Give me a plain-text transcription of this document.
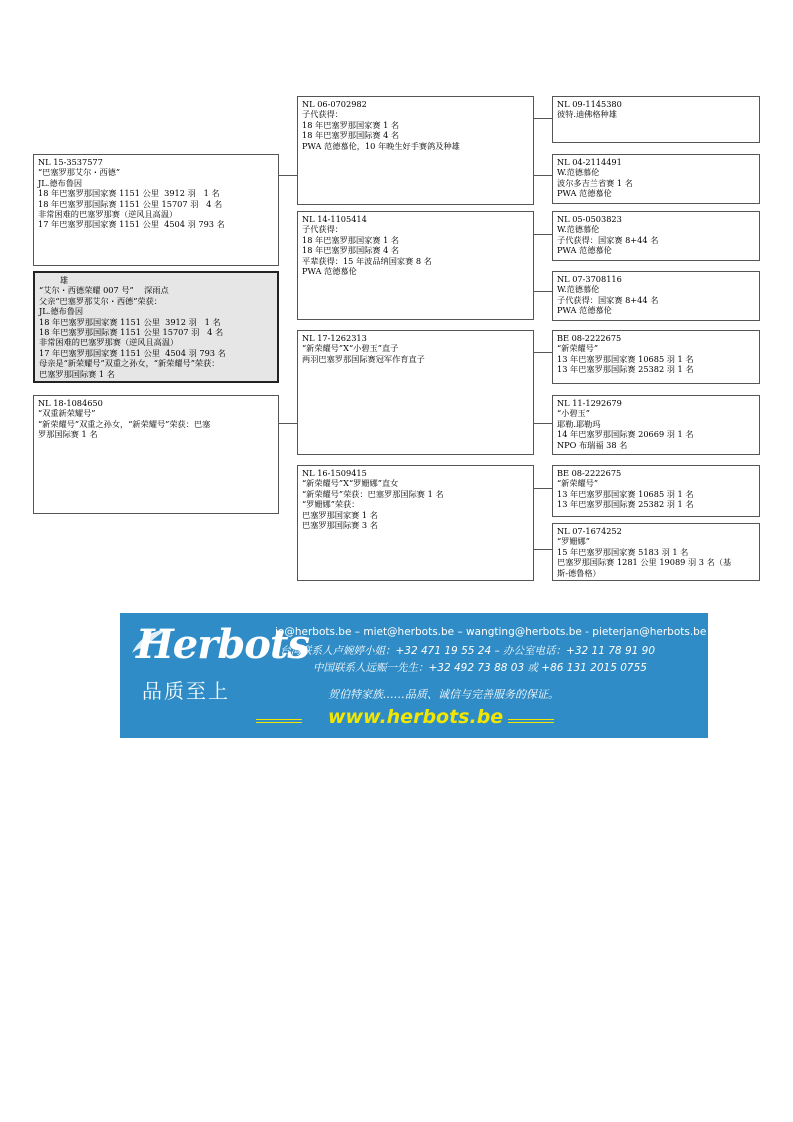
雄
“艾尔・西德荣耀 007 号”    深雨点
父亲“巴塞罗那艾尔・西德”荣获：
JL.德布鲁因
18 年巴塞罗那国家赛 1151 公里  3912 羽   1 名
18 年巴塞罗那国际赛 1151 公里 15707 羽   4 名
非常困难的巴塞罗那赛（逆风且高温）
17 年巴塞罗那国家赛 1151 公里  4504 羽 793 名
母亲是“新荣耀号”双重之孙女，“新荣耀号”荣获：
巴塞罗那国际赛 1 名
NL 15-3537577
“巴塞罗那艾尔・西德”
JL.德布鲁因
18 年巴塞罗那国家赛 1151 公里  3912 羽   1 名
18 年巴塞罗那国际赛 1151 公里 15707 羽   4 名
非常困难的巴塞罗那赛（逆风且高温）
17 年巴塞罗那国家赛 1151 公里  4504 羽 793 名
NL 18-1084650
“双重新荣耀号”
“新荣耀号”双重之孙女，“新荣耀号”荣获：巴塞
罗那国际赛 1 名
NL 06-0702982
子代获得：
18 年巴塞罗那国家赛 1 名
18 年巴塞罗那国际赛 4 名
PWA 范德慕伦，10 年晚生好手赛鸽及种雄
NL 14-1105414
子代获得：
18 年巴塞罗那国家赛 1 名
18 年巴塞罗那国际赛 4 名
平辈获得：15 年波品纳国家赛 8 名
PWA 范德慕伦
NL 17-1262313
“新荣耀号”X“小碧玉”直子
两羽巴塞罗那国际赛冠军作育直子
NL 16-1509415
“新荣耀号”X“罗姗娜”直女
“新荣耀号”荣获：巴塞罗那国际赛 1 名
“罗姗娜”荣获：
巴塞罗那国家赛 1 名
巴塞罗那国际赛 3 名
NL 09-1145380
彼特.迪佛格种雄
NL 04-2114491
W.范德慕伦
波尔多吉兰省赛 1 名
PWA 范德慕伦
NL 05-0503823
W.范德慕伦
子代获得：国家赛 8+44 名
PWA 范德慕伦
NL 07-3708116
W.范德慕伦
子代获得：国家赛 8+44 名
PWA 范德慕伦
BE 08-2222675
“新荣耀号”
13 年巴塞罗那国家赛 10685 羽 1 名
13 年巴塞罗那国际赛 25382 羽 1 名
NL 11-1292679
“小碧玉”
耶勒.耶勒玛
14 年巴塞罗那国际赛 20669 羽 1 名
NPO 布瑞福 38 名
BE 08-2222675
“新荣耀号”
13 年巴塞罗那国家赛 10685 羽 1 名
13 年巴塞罗那国际赛 25382 羽 1 名
NL 07-1674252
“罗姗娜”
15 年巴塞罗那国家赛 5183 羽 1 名
巴塞罗那国际赛 1281 公里 19089 羽 3 名（基
斯-德鲁格）
Herbots
品质至上
jo@herbots.be – miet@herbots.be – wangting@herbots.be - pieterjan@herbots.be
台湾联系人卢婉婷小姐：+32 471 19 55 24 – 办公室电话：+32 11 78 91 90
中国联系人远赈一先生：+32 492 73 88 03 或 +86 131 2015 0755
贺伯特家族……品质、诚信与完善服务的保证。
www.herbots.be
